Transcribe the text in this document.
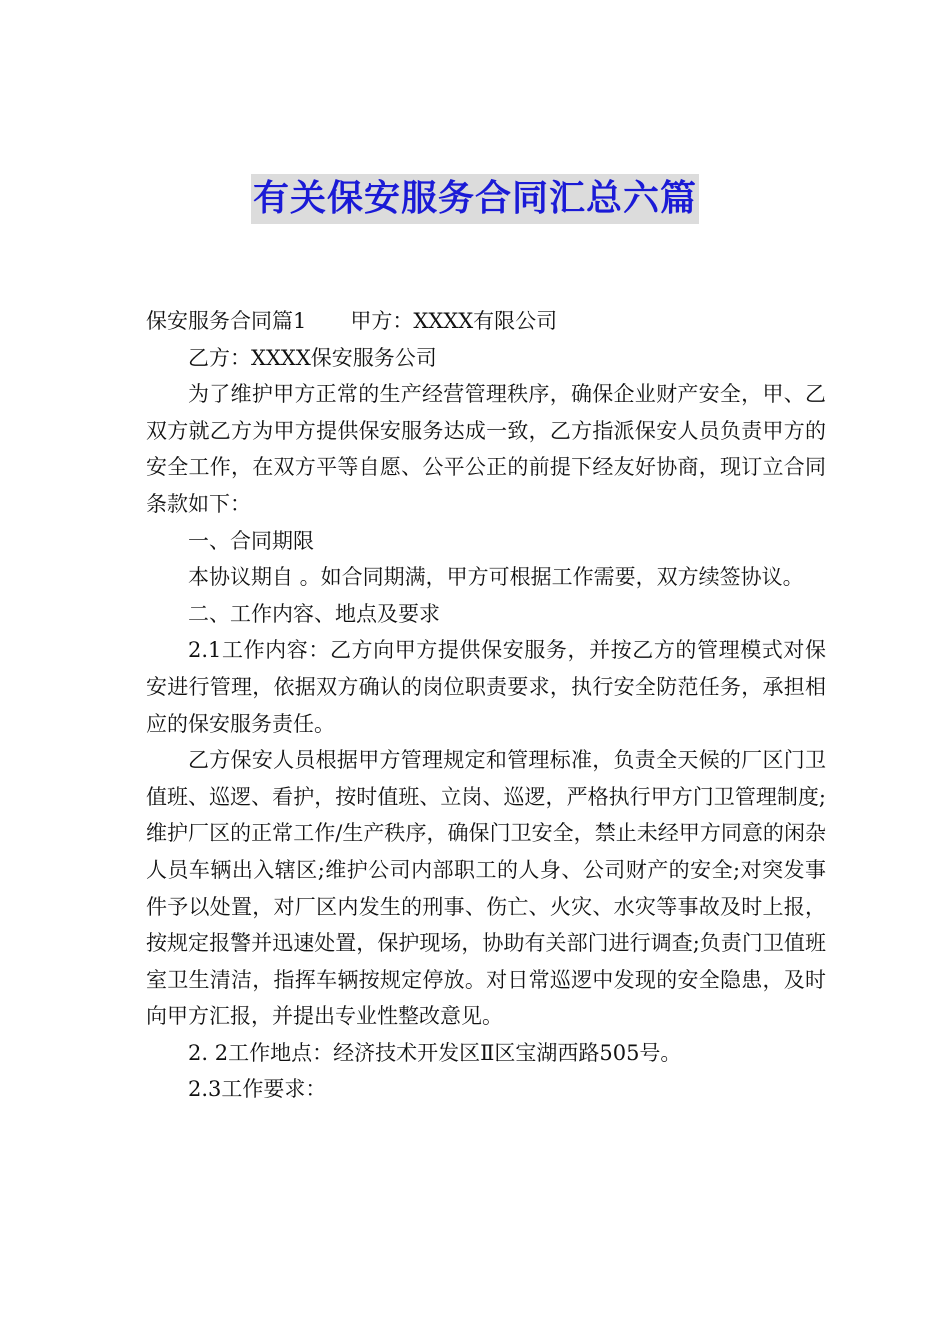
有关保安服务合同汇总六篇

保安服务合同篇1 甲方：XXXX有限公司

乙方：XXXX保安服务公司

为了维护甲方正常的生产经营管理秩序，确保企业财产安全，甲、乙双方就乙方为甲方提供保安服务达成一致，乙方指派保安人员负责甲方的安全工作，在双方平等自愿、公平公正的前提下经友好协商，现订立合同条款如下：

一、合同期限

本协议期自 。如合同期满，甲方可根据工作需要，双方续签协议。

二、工作内容、地点及要求

2.1工作内容：乙方向甲方提供保安服务，并按乙方的管理模式对保安进行管理，依据双方确认的岗位职责要求，执行安全防范任务，承担相应的保安服务责任。

乙方保安人员根据甲方管理规定和管理标准，负责全天候的厂区门卫值班、巡逻、看护，按时值班、立岗、巡逻，严格执行甲方门卫管理制度;维护厂区的正常工作/生产秩序，确保门卫安全，禁止未经甲方同意的闲杂人员车辆出入辖区;维护公司内部职工的人身、公司财产的安全;对突发事件予以处置，对厂区内发生的刑事、伤亡、火灾、水灾等事故及时上报，按规定报警并迅速处置，保护现场，协助有关部门进行调查;负责门卫值班室卫生清洁，指挥车辆按规定停放。对日常巡逻中发现的安全隐患，及时向甲方汇报，并提出专业性整改意见。

2. 2工作地点：经济技术开发区Ⅱ区宝湖西路505号。

2.3工作要求：
